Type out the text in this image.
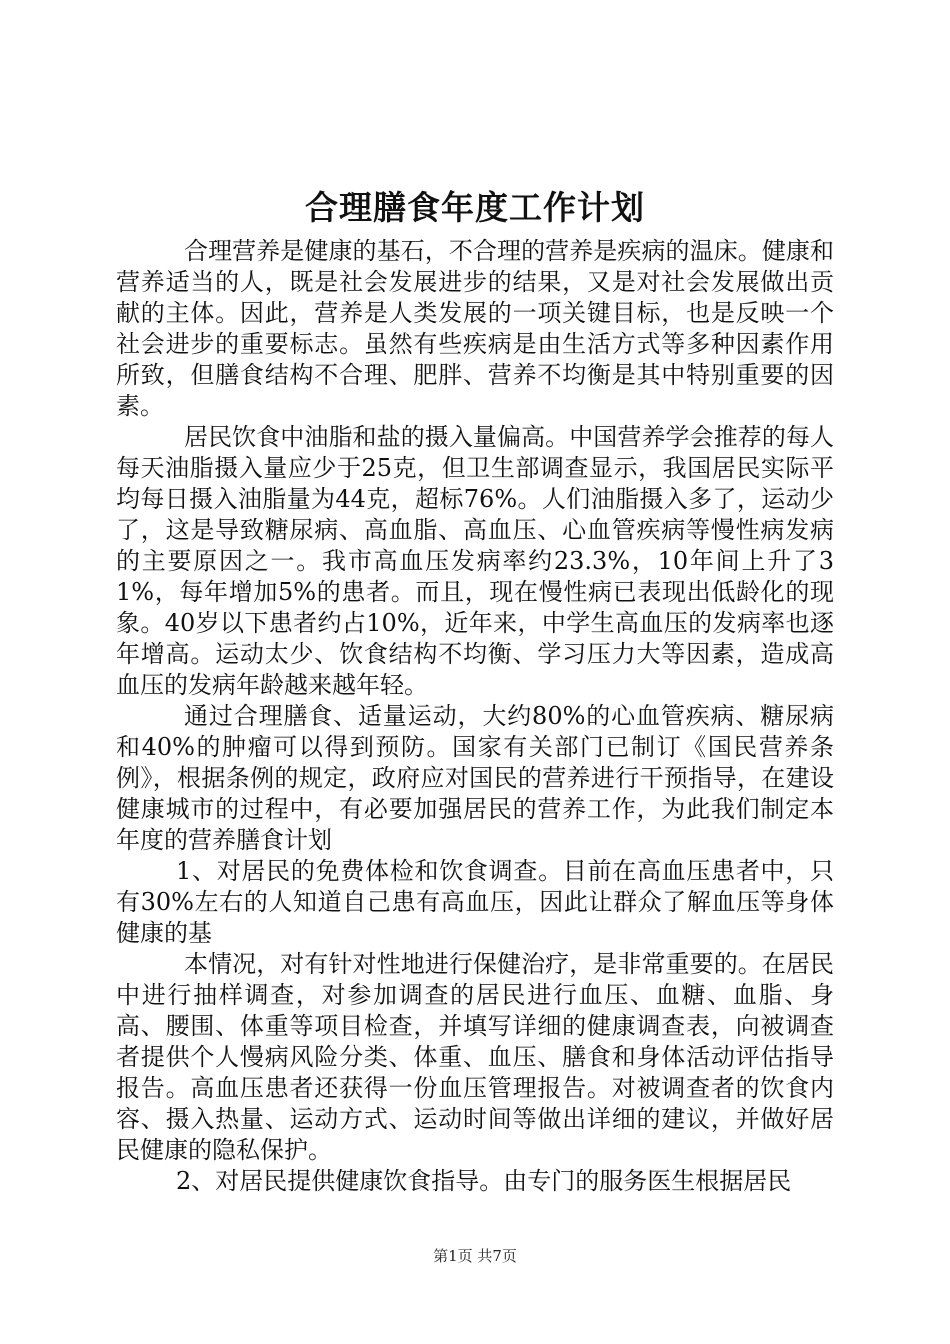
合理膳食年度工作计划

合理营养是健康的基石，不合理的营养是疾病的温床。健康和营养适当的人，既是社会发展进步的结果，又是对社会发展做出贡献的主体。因此，营养是人类发展的一项关键目标，也是反映一个社会进步的重要标志。虽然有些疾病是由生活方式等多种因素作用所致，但膳食结构不合理、肥胖、营养不均衡是其中特别重要的因素。

居民饮食中油脂和盐的摄入量偏高。中国营养学会推荐的每人每天油脂摄入量应少于25克，但卫生部调查显示，我国居民实际平均每日摄入油脂量为44克，超标76%。人们油脂摄入多了，运动少了，这是导致糖尿病、高血脂、高血压、心血管疾病等慢性病发病的主要原因之一。我市高血压发病率约23.3%，10年间上升了31%，每年增加5%的患者。而且，现在慢性病已表现出低龄化的现象。40岁以下患者约占10%，近年来，中学生高血压的发病率也逐年增高。运动太少、饮食结构不均衡、学习压力大等因素，造成高血压的发病年龄越来越年轻。

通过合理膳食、适量运动，大约80%的心血管疾病、糖尿病和40%的肿瘤可以得到预防。国家有关部门已制订《国民营养条例》，根据条例的规定，政府应对国民的营养进行干预指导，在建设健康城市的过程中，有必要加强居民的营养工作，为此我们制定本年度的营养膳食计划

1、对居民的免费体检和饮食调查。目前在高血压患者中，只有30%左右的人知道自己患有高血压，因此让群众了解血压等身体健康的基

本情况，对有针对性地进行保健治疗，是非常重要的。在居民中进行抽样调查，对参加调查的居民进行血压、血糖、血脂、身高、腰围、体重等项目检查，并填写详细的健康调查表，向被调查者提供个人慢病风险分类、体重、血压、膳食和身体活动评估指导报告。高血压患者还获得一份血压管理报告。对被调查者的饮食内容、摄入热量、运动方式、运动时间等做出详细的建议，并做好居民健康的隐私保护。

2、对居民提供健康饮食指导。由专门的服务医生根据居民

第1页 共7页
